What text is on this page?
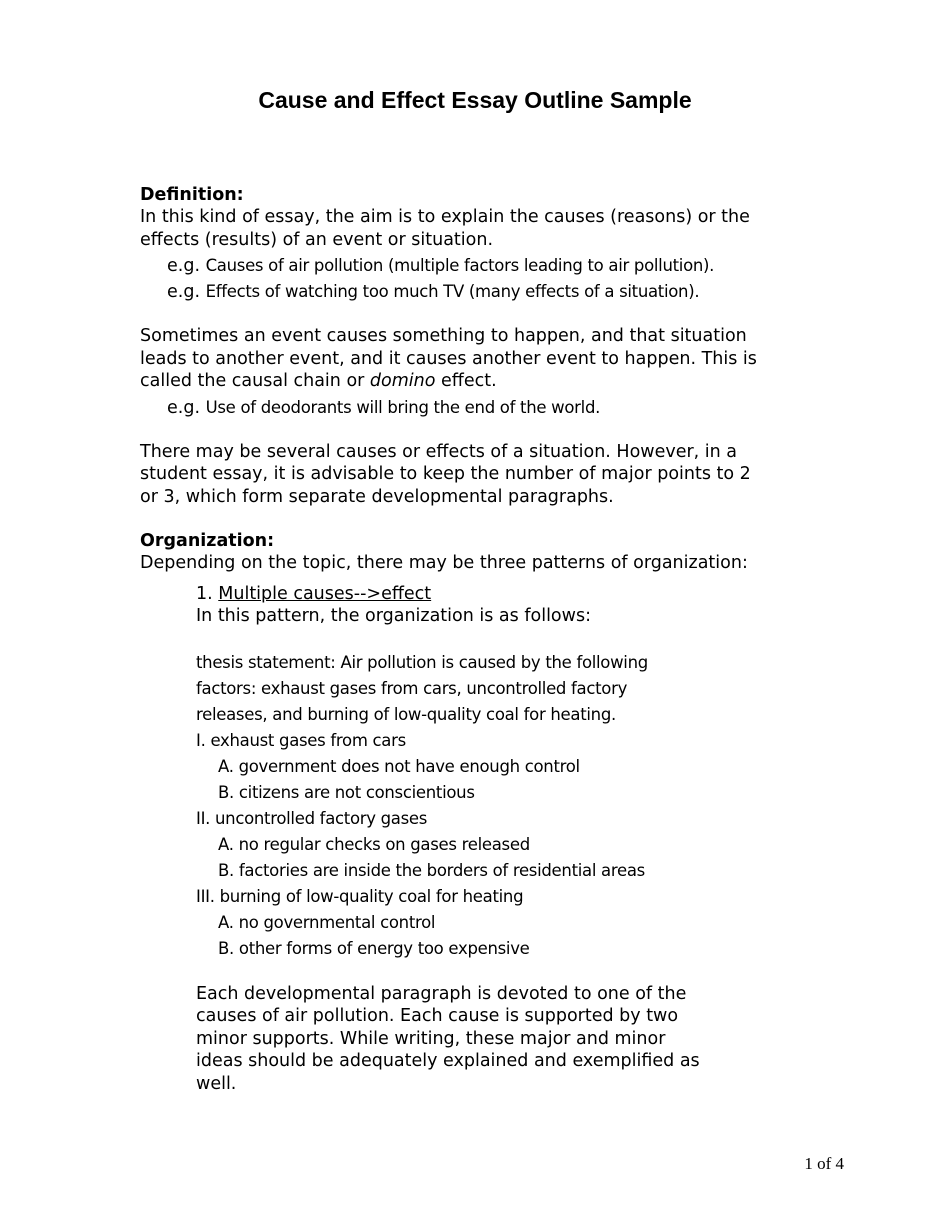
Cause and Effect Essay Outline Sample
Definition:
In this kind of essay, the aim is to explain the causes (reasons) or the
effects (results) of an event or situation.
e.g. Causes of air pollution (multiple factors leading to air pollution).
e.g. Effects of watching too much TV (many effects of a situation).
Sometimes an event causes something to happen, and that situation
leads to another event, and it causes another event to happen. This is
called the causal chain or domino effect.
e.g. Use of deodorants will bring the end of the world.
There may be several causes or effects of a situation. However, in a
student essay, it is advisable to keep the number of major points to 2
or 3, which form separate developmental paragraphs.
Organization:
Depending on the topic, there may be three patterns of organization:
1. Multiple causes-->effect
In this pattern, the organization is as follows:
thesis statement: Air pollution is caused by the following
factors: exhaust gases from cars, uncontrolled factory
releases, and burning of low-quality coal for heating.
I. exhaust gases from cars
A. government does not have enough control
B. citizens are not conscientious
II. uncontrolled factory gases
A. no regular checks on gases released
B. factories are inside the borders of residential areas
III. burning of low-quality coal for heating
A. no governmental control
B. other forms of energy too expensive
Each developmental paragraph is devoted to one of the
causes of air pollution. Each cause is supported by two
minor supports. While writing, these major and minor
ideas should be adequately explained and exemplified as
well.
1 of 4
